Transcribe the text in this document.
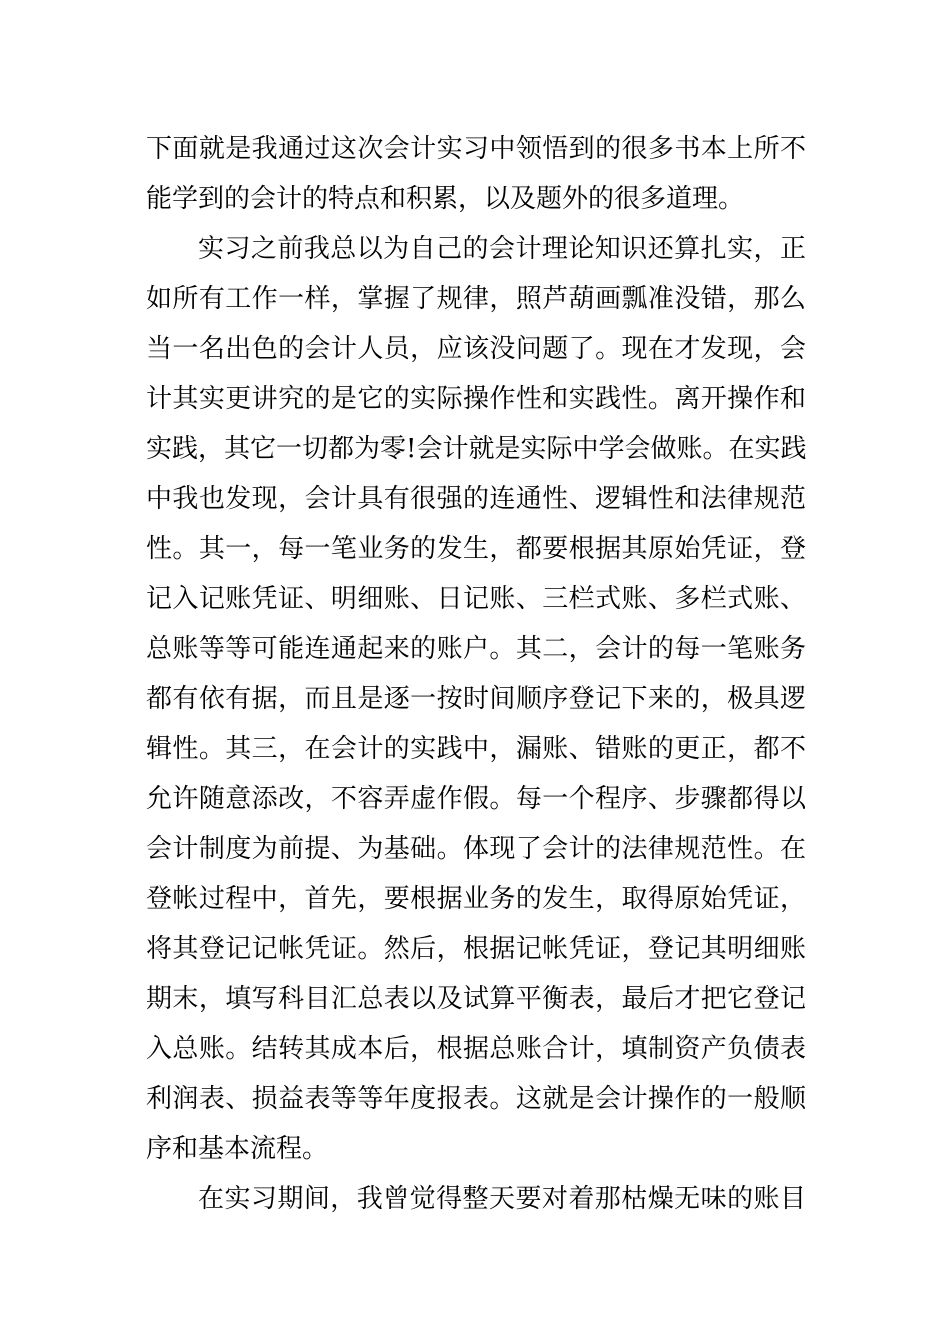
下面就是我通过这次会计实习中领悟到的很多书本上所不
能学到的会计的特点和积累，以及题外的很多道理。
实习之前我总以为自己的会计理论知识还算扎实，正
如所有工作一样，掌握了规律，照芦葫画瓢准没错，那么
当一名出色的会计人员，应该没问题了。现在才发现，会
计其实更讲究的是它的实际操作性和实践性。离开操作和
实践，其它一切都为零!会计就是实际中学会做账。在实践
中我也发现，会计具有很强的连通性、逻辑性和法律规范
性。其一，每一笔业务的发生，都要根据其原始凭证，登
记入记账凭证、明细账、日记账、三栏式账、多栏式账、
总账等等可能连通起来的账户。其二，会计的每一笔账务
都有依有据，而且是逐一按时间顺序登记下来的，极具逻
辑性。其三，在会计的实践中，漏账、错账的更正，都不
允许随意添改，不容弄虚作假。每一个程序、步骤都得以
会计制度为前提、为基础。体现了会计的法律规范性。在
登帐过程中，首先，要根据业务的发生，取得原始凭证，
将其登记记帐凭证。然后，根据记帐凭证，登记其明细账
期末，填写科目汇总表以及试算平衡表，最后才把它登记
入总账。结转其成本后，根据总账合计，填制资产负债表
利润表、损益表等等年度报表。这就是会计操作的一般顺
序和基本流程。
在实习期间，我曾觉得整天要对着那枯燥无味的账目
